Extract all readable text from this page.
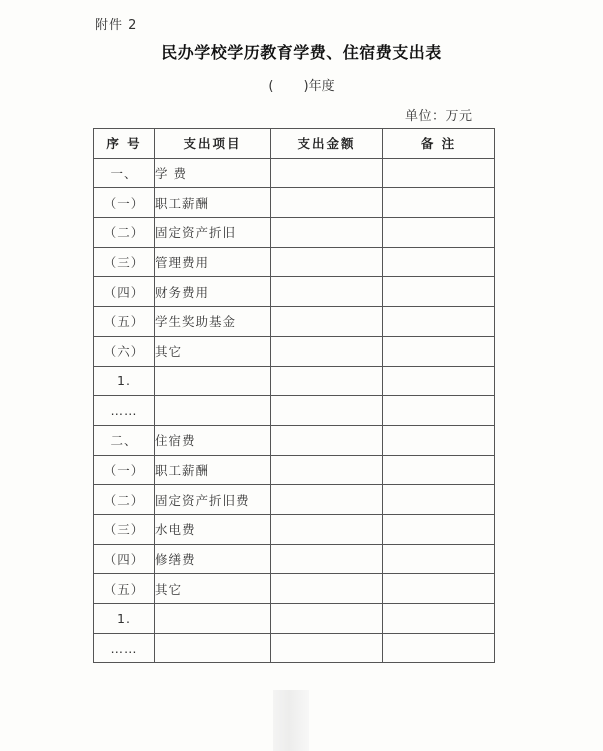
附件 2
民办学校学历教育学费、住宿费支出表
( )年度
单位：万元
序 号	支出项目	支出金额	备 注
一、	学 费		
（一）	职工薪酬		
（二）	固定资产折旧		
（三）	管理费用		
（四）	财务费用		
（五）	学生奖助基金		
（六）	其它		
1.			
……			
二、	住宿费		
（一）	职工薪酬		
（二）	固定资产折旧费		
（三）	水电费		
（四）	修缮费		
（五）	其它		
1.			
……			
